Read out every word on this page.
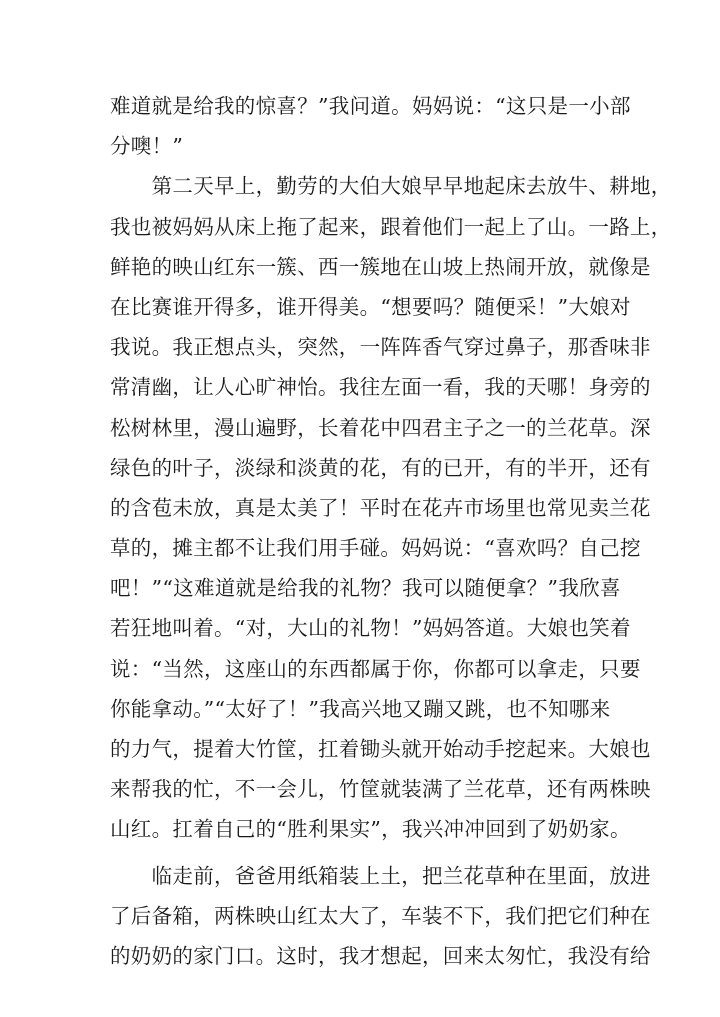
难道就是给我的惊喜？”我问道。妈妈说：“这只是一小部
分噢！”
　　第二天早上，勤劳的大伯大娘早早地起床去放牛、耕地，
我也被妈妈从床上拖了起来，跟着他们一起上了山。一路上，
鲜艳的映山红东一簇、西一簇地在山坡上热闹开放，就像是
在比赛谁开得多，谁开得美。“想要吗？随便采！”大娘对
我说。我正想点头，突然，一阵阵香气穿过鼻子，那香味非
常清幽，让人心旷神怡。我往左面一看，我的天哪！身旁的
松树林里，漫山遍野，长着花中四君主子之一的兰花草。深
绿色的叶子，淡绿和淡黄的花，有的已开，有的半开，还有
的含苞未放，真是太美了！平时在花卉市场里也常见卖兰花
草的，摊主都不让我们用手碰。妈妈说：“喜欢吗？自己挖
吧！”“这难道就是给我的礼物？我可以随便拿？”我欣喜
若狂地叫着。“对，大山的礼物！”妈妈答道。大娘也笑着
说：“当然，这座山的东西都属于你，你都可以拿走，只要
你能拿动。”“太好了！”我高兴地又蹦又跳，也不知哪来
的力气，提着大竹筐，扛着锄头就开始动手挖起来。大娘也
来帮我的忙，不一会儿，竹筐就装满了兰花草，还有两株映
山红。扛着自己的“胜利果实”，我兴冲冲回到了奶奶家。
　　临走前，爸爸用纸箱装上土，把兰花草种在里面，放进
了后备箱，两株映山红太大了，车装不下，我们把它们种在
的奶奶的家门口。这时，我才想起，回来太匆忙，我没有给
